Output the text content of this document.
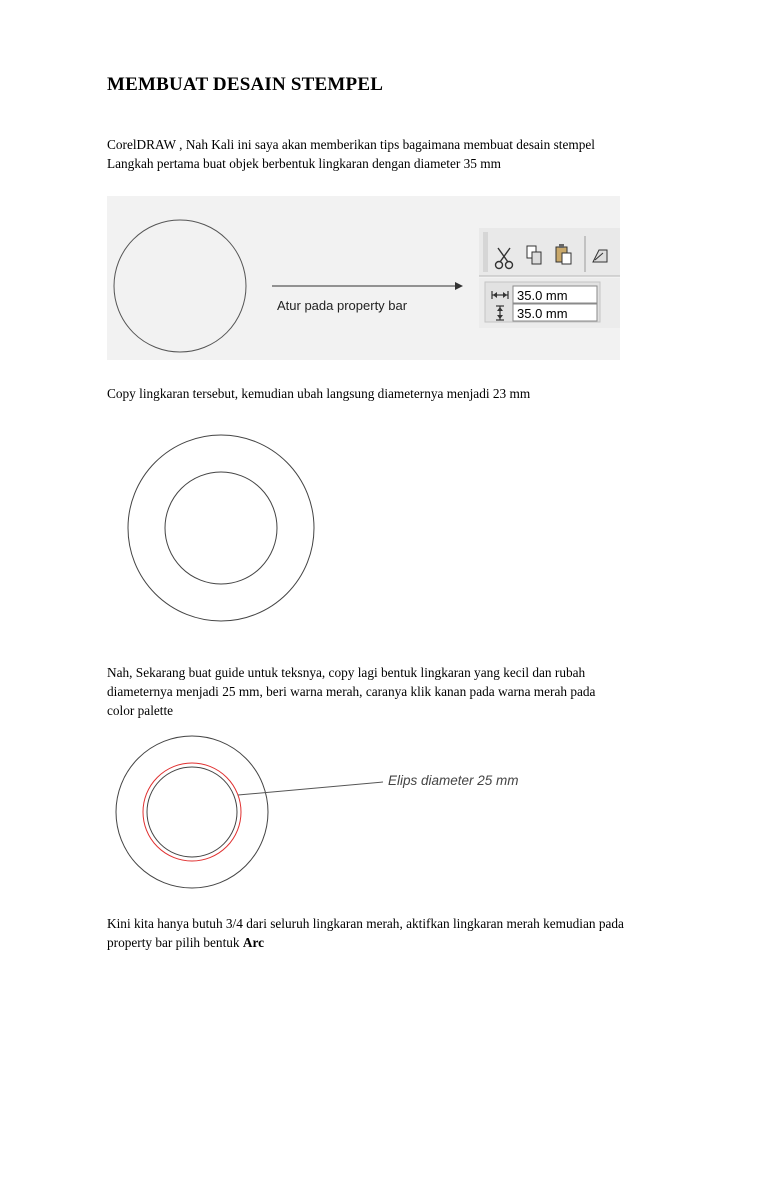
MEMBUAT DESAIN STEMPEL

CorelDRAW , Nah Kali ini saya akan memberikan tips bagaimana membuat desain stempel
Langkah pertama buat objek berbentuk lingkaran dengan diameter 35 mm

Atur pada property bar
35.0 mm
35.0 mm

Copy lingkaran tersebut, kemudian ubah langsung diameternya menjadi 23 mm

Nah, Sekarang buat guide untuk teksnya, copy lagi bentuk lingkaran yang kecil dan rubah
diameternya menjadi 25 mm, beri warna merah, caranya klik kanan pada warna merah pada
color palette

Elips diameter 25 mm

Kini kita hanya butuh 3/4 dari seluruh lingkaran merah, aktifkan lingkaran merah kemudian pada
property bar pilih bentuk Arc
